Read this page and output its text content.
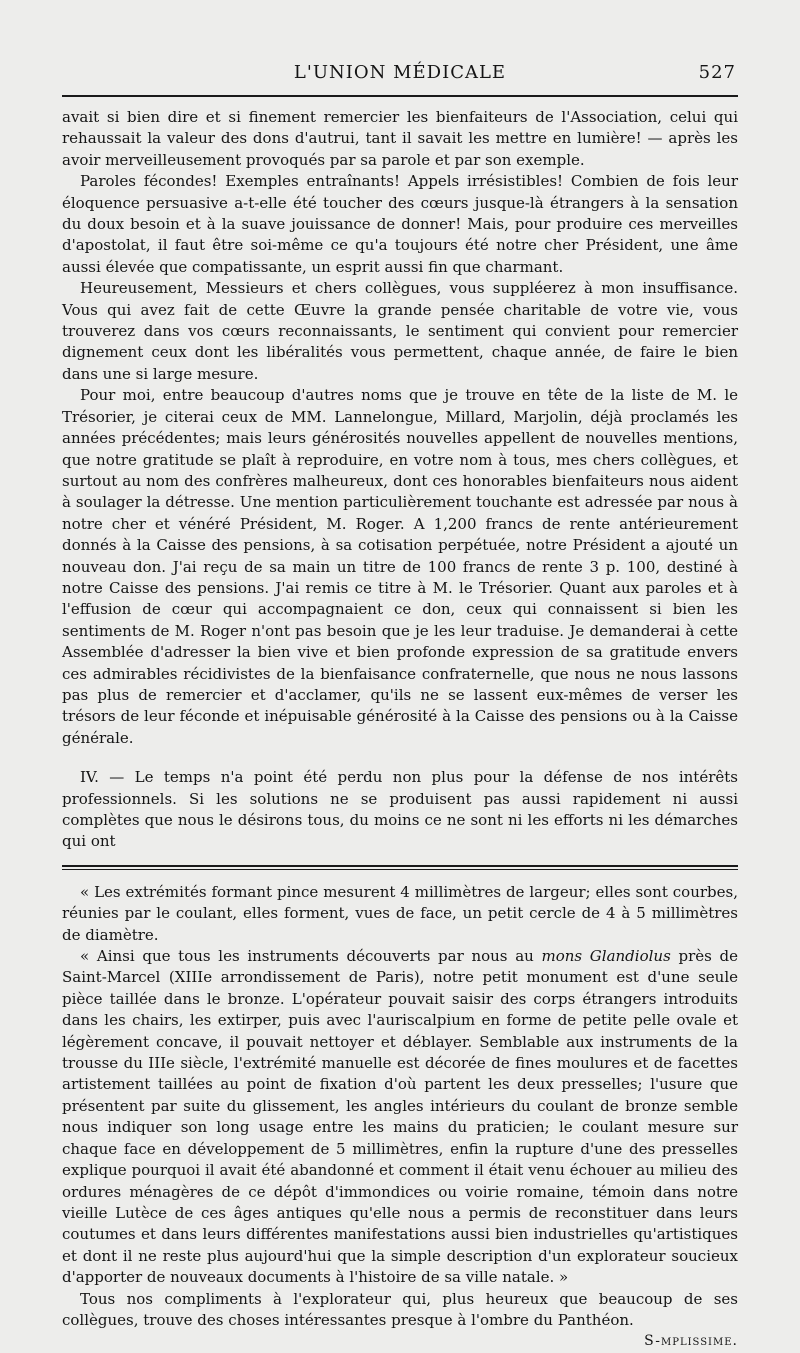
L'UNION MÉDICALE	527

avait si bien dire et si finement remercier les bienfaiteurs de l'Association, celui qui rehaussait la valeur des dons d'autrui, tant il savait les mettre en lumière! — après les avoir merveilleusement provoqués par sa parole et par son exemple.

Paroles fécondes! Exemples entraînants! Appels irrésistibles! Combien de fois leur éloquence persuasive a-t-elle été toucher des cœurs jusque-là étrangers à la sensation du doux besoin et à la suave jouissance de donner! Mais, pour produire ces merveilles d'apostolat, il faut être soi-même ce qu'a toujours été notre cher Président, une âme aussi élevée que compatissante, un esprit aussi fin que charmant.

Heureusement, Messieurs et chers collègues, vous suppléerez à mon insuffisance. Vous qui avez fait de cette Œuvre la grande pensée charitable de votre vie, vous trouverez dans vos cœurs reconnaissants, le sentiment qui convient pour remercier dignement ceux dont les libéralités vous permettent, chaque année, de faire le bien dans une si large mesure.

Pour moi, entre beaucoup d'autres noms que je trouve en tête de la liste de M. le Trésorier, je citerai ceux de MM. Lannelongue, Millard, Marjolin, déjà proclamés les années précédentes; mais leurs générosités nouvelles appellent de nouvelles mentions, que notre gratitude se plaît à reproduire, en votre nom à tous, mes chers collègues, et surtout au nom des confrères malheureux, dont ces honorables bienfaiteurs nous aident à soulager la détresse. Une mention particulièrement touchante est adressée par nous à notre cher et vénéré Président, M. Roger. A 1,200 francs de rente antérieurement donnés à la Caisse des pensions, à sa cotisation perpétuée, notre Président a ajouté un nouveau don. J'ai reçu de sa main un titre de 100 francs de rente 3 p. 100, destiné à notre Caisse des pensions. J'ai remis ce titre à M. le Trésorier. Quant aux paroles et à l'effusion de cœur qui accompagnaient ce don, ceux qui connaissent si bien les sentiments de M. Roger n'ont pas besoin que je les leur traduise. Je demanderai à cette Assemblée d'adresser la bien vive et bien profonde expression de sa gratitude envers ces admirables récidivistes de la bienfaisance confraternelle, que nous ne nous lassons pas plus de remercier et d'acclamer, qu'ils ne se lassent eux-mêmes de verser les trésors de leur féconde et inépuisable générosité à la Caisse des pensions ou à la Caisse générale.

IV. — Le temps n'a point été perdu non plus pour la défense de nos intérêts professionnels. Si les solutions ne se produisent pas aussi rapidement ni aussi complètes que nous le désirons tous, du moins ce ne sont ni les efforts ni les démarches qui ont

« Les extrémités formant pince mesurent 4 millimètres de largeur; elles sont courbes, réunies par le coulant, elles forment, vues de face, un petit cercle de 4 à 5 millimètres de diamètre.

« Ainsi que tous les instruments découverts par nous au mons Glandiolus près de Saint-Marcel (XIIIe arrondissement de Paris), notre petit monument est d'une seule pièce taillée dans le bronze. L'opérateur pouvait saisir des corps étrangers introduits dans les chairs, les extirper, puis avec l'auriscalpium en forme de petite pelle ovale et légèrement concave, il pouvait nettoyer et déblayer. Semblable aux instruments de la trousse du IIIe siècle, l'extrémité manuelle est décorée de fines moulures et de facettes artistement taillées au point de fixation d'où partent les deux presselles; l'usure que présentent par suite du glissement, les angles intérieurs du coulant de bronze semble nous indiquer son long usage entre les mains du praticien; le coulant mesure sur chaque face en développement de 5 millimètres, enfin la rupture d'une des presselles explique pourquoi il avait été abandonné et comment il était venu échouer au milieu des ordures ménagères de ce dépôt d'immondices ou voirie romaine, témoin dans notre vieille Lutèce de ces âges antiques qu'elle nous a permis de reconstituer dans leurs coutumes et dans leurs différentes manifestations aussi bien industrielles qu'artistiques et dont il ne reste plus aujourd'hui que la simple description d'un explorateur soucieux d'apporter de nouveaux documents à l'histoire de sa ville natale. »

Tous nos compliments à l'explorateur qui, plus heureux que beaucoup de ses collègues, trouve des choses intéressantes presque à l'ombre du Panthéon.
S-mplissime.
